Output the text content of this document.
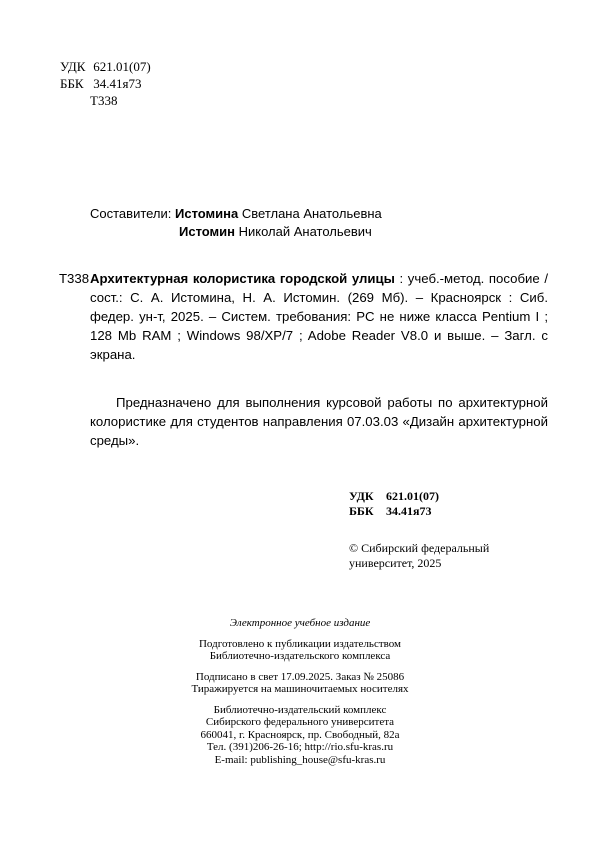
УДК 621.01(07)
ББК 34.41я73
Т338
Составители: Истомина Светлана Анатольевна
Истомин Николай Анатольевич
Т338 Архитектурная колористика городской улицы : учеб.-метод. пособие / сост.: С. А. Истомина, Н. А. Истомин. (269 Мб). – Красноярск : Сиб. федер. ун-т, 2025. – Систем. требования: PC не ниже класса Pentium I ; 128 Mb RAM ; Windows 98/XP/7 ; Adobe Reader V8.0 и выше. – Загл. с экрана.
Предназначено для выполнения курсовой работы по архитектурной колористике для студентов направления 07.03.03 «Дизайн архитектурной среды».
УДК 621.01(07)
ББК 34.41я73
© Сибирский федеральный
университет, 2025

Электронное учебное издание

Подготовлено к публикации издательством

Библиотечно-издательского комплекса

Подписано в свет 17.09.2025. Заказ № 25086

Тиражируется на машиночитаемых носителях

Библиотечно-издательский комплекс

Сибирского федерального университета

660041, г. Красноярск, пр. Свободный, 82а

Тел. (391)206-26-16; http://rio.sfu-kras.ru

E-mail: publishing_house@sfu-kras.ru
